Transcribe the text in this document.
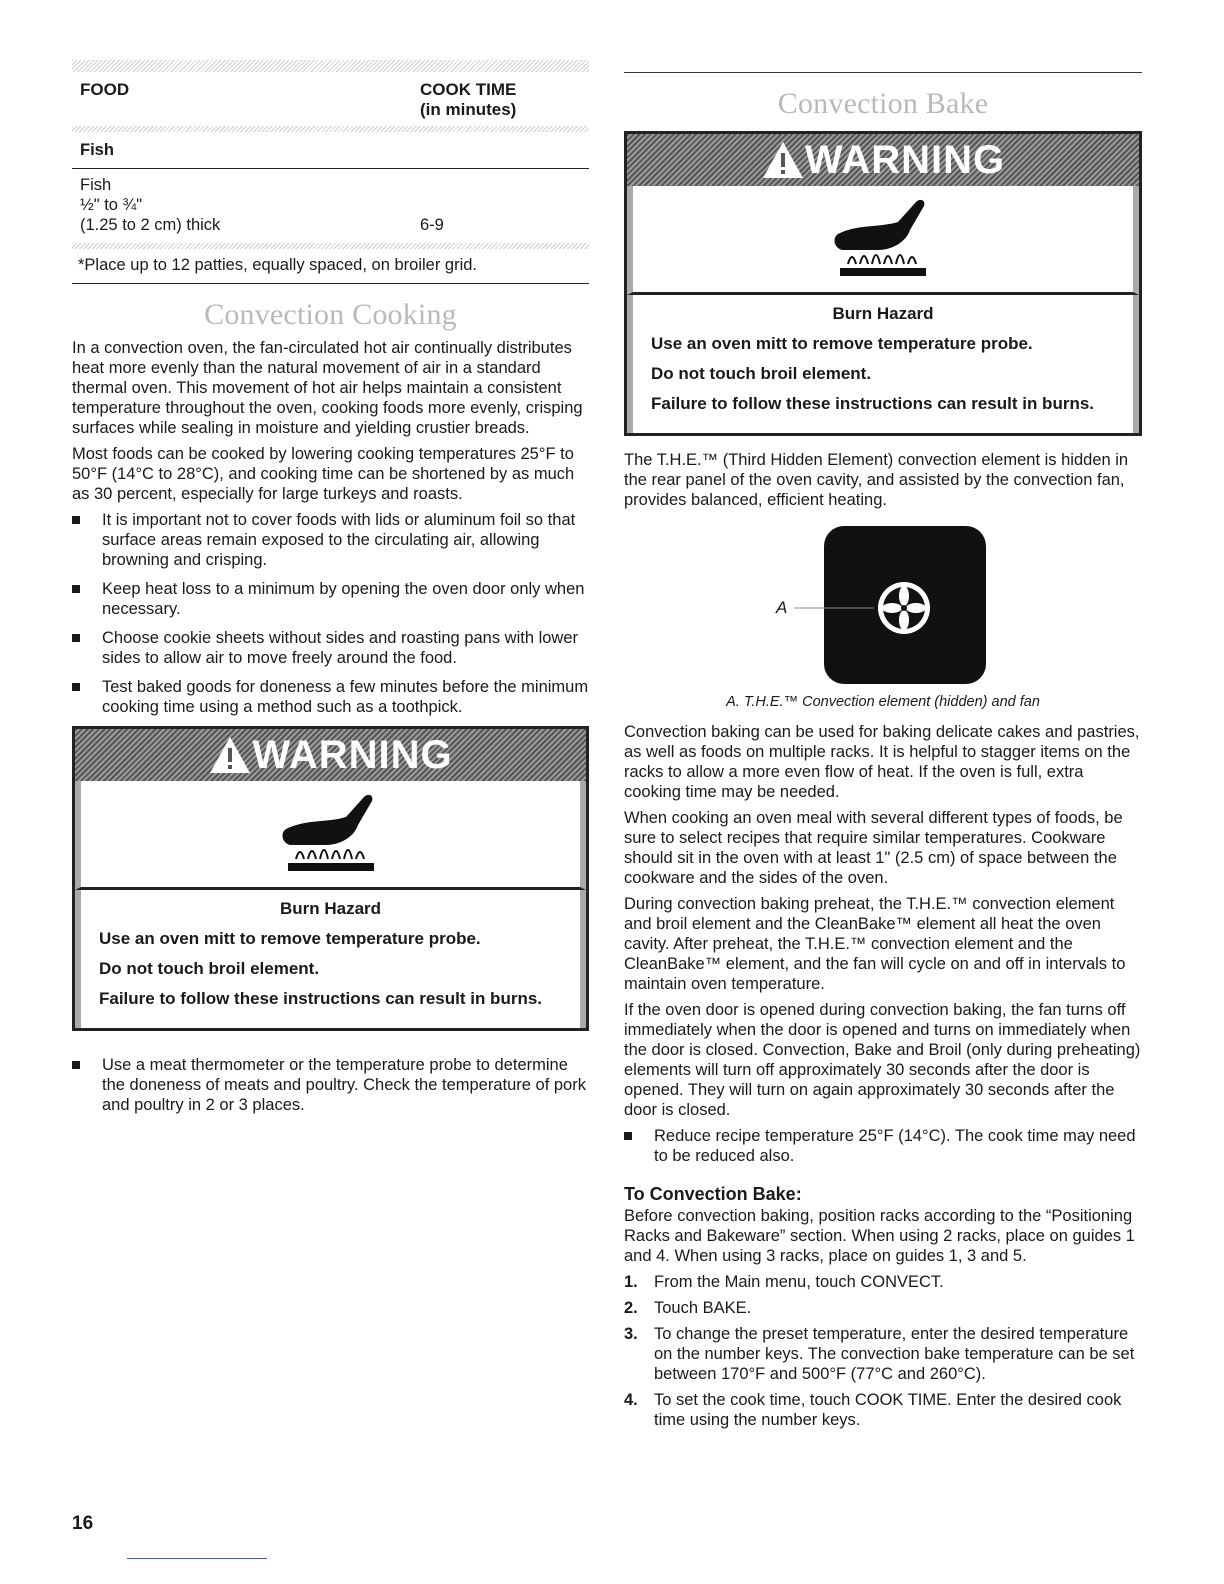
FOOD	COOK TIME
(in minutes)
Fish
Fish
½" to ¾"
(1.25 to 2 cm) thick	6-9
*Place up to 12 patties, equally spaced, on broiler grid.
Convection Cooking

In a convection oven, the fan-circulated hot air continually distributes heat more evenly than the natural movement of air in a standard thermal oven. This movement of hot air helps maintain a consistent temperature throughout the oven, cooking foods more evenly, crisping surfaces while sealing in moisture and yielding crustier breads.

Most foods can be cooked by lowering cooking temperatures 25°F to 50°F (14°C to 28°C), and cooking time can be shortened by as much as 30 percent, especially for large turkeys and roasts.

It is important not to cover foods with lids or aluminum foil so that surface areas remain exposed to the circulating air, allowing browning and crisping.
Keep heat loss to a minimum by opening the oven door only when necessary.
Choose cookie sheets without sides and roasting pans with lower sides to allow air to move freely around the food.
Test baked goods for doneness a few minutes before the minimum cooking time using a method such as a toothpick.
WARNING
Burn Hazard
Use an oven mitt to remove temperature probe.
Do not touch broil element.
Failure to follow these instructions can result in burns.
Use a meat thermometer or the temperature probe to determine the doneness of meats and poultry. Check the temperature of pork and poultry in 2 or 3 places.
Convection Bake
WARNING
Burn Hazard
Use an oven mitt to remove temperature probe.
Do not touch broil element.
Failure to follow these instructions can result in burns.

The T.H.E.™ (Third Hidden Element) convection element is hidden in the rear panel of the oven cavity, and assisted by the convection fan, provides balanced, efficient heating.

A
A. T.H.E.™ Convection element (hidden) and fan

Convection baking can be used for baking delicate cakes and pastries, as well as foods on multiple racks. It is helpful to stagger items on the racks to allow a more even flow of heat. If the oven is full, extra cooking time may be needed.

When cooking an oven meal with several different types of foods, be sure to select recipes that require similar temperatures. Cookware should sit in the oven with at least 1" (2.5 cm) of space between the cookware and the sides of the oven.

During convection baking preheat, the T.H.E.™ convection element and broil element and the CleanBake™ element all heat the oven cavity. After preheat, the T.H.E.™ convection element and the CleanBake™ element, and the fan will cycle on and off in intervals to maintain oven temperature.

If the oven door is opened during convection baking, the fan turns off immediately when the door is opened and turns on immediately when the door is closed. Convection, Bake and Broil (only during preheating) elements will turn off approximately 30 seconds after the door is opened. They will turn on again approximately 30 seconds after the door is closed.

Reduce recipe temperature 25°F (14°C). The cook time may need to be reduced also.
To Convection Bake:

Before convection baking, position racks according to the “Positioning Racks and Bakeware” section. When using 2 racks, place on guides 1 and 4. When using 3 racks, place on guides 1, 3 and 5.

1. From the Main menu, touch CONVECT.
2. Touch BAKE.
3. To change the preset temperature, enter the desired temperature on the number keys. The convection bake temperature can be set between 170°F and 500°F (77°C and 260°C).
4. To set the cook time, touch COOK TIME. Enter the desired cook time using the number keys.
16
